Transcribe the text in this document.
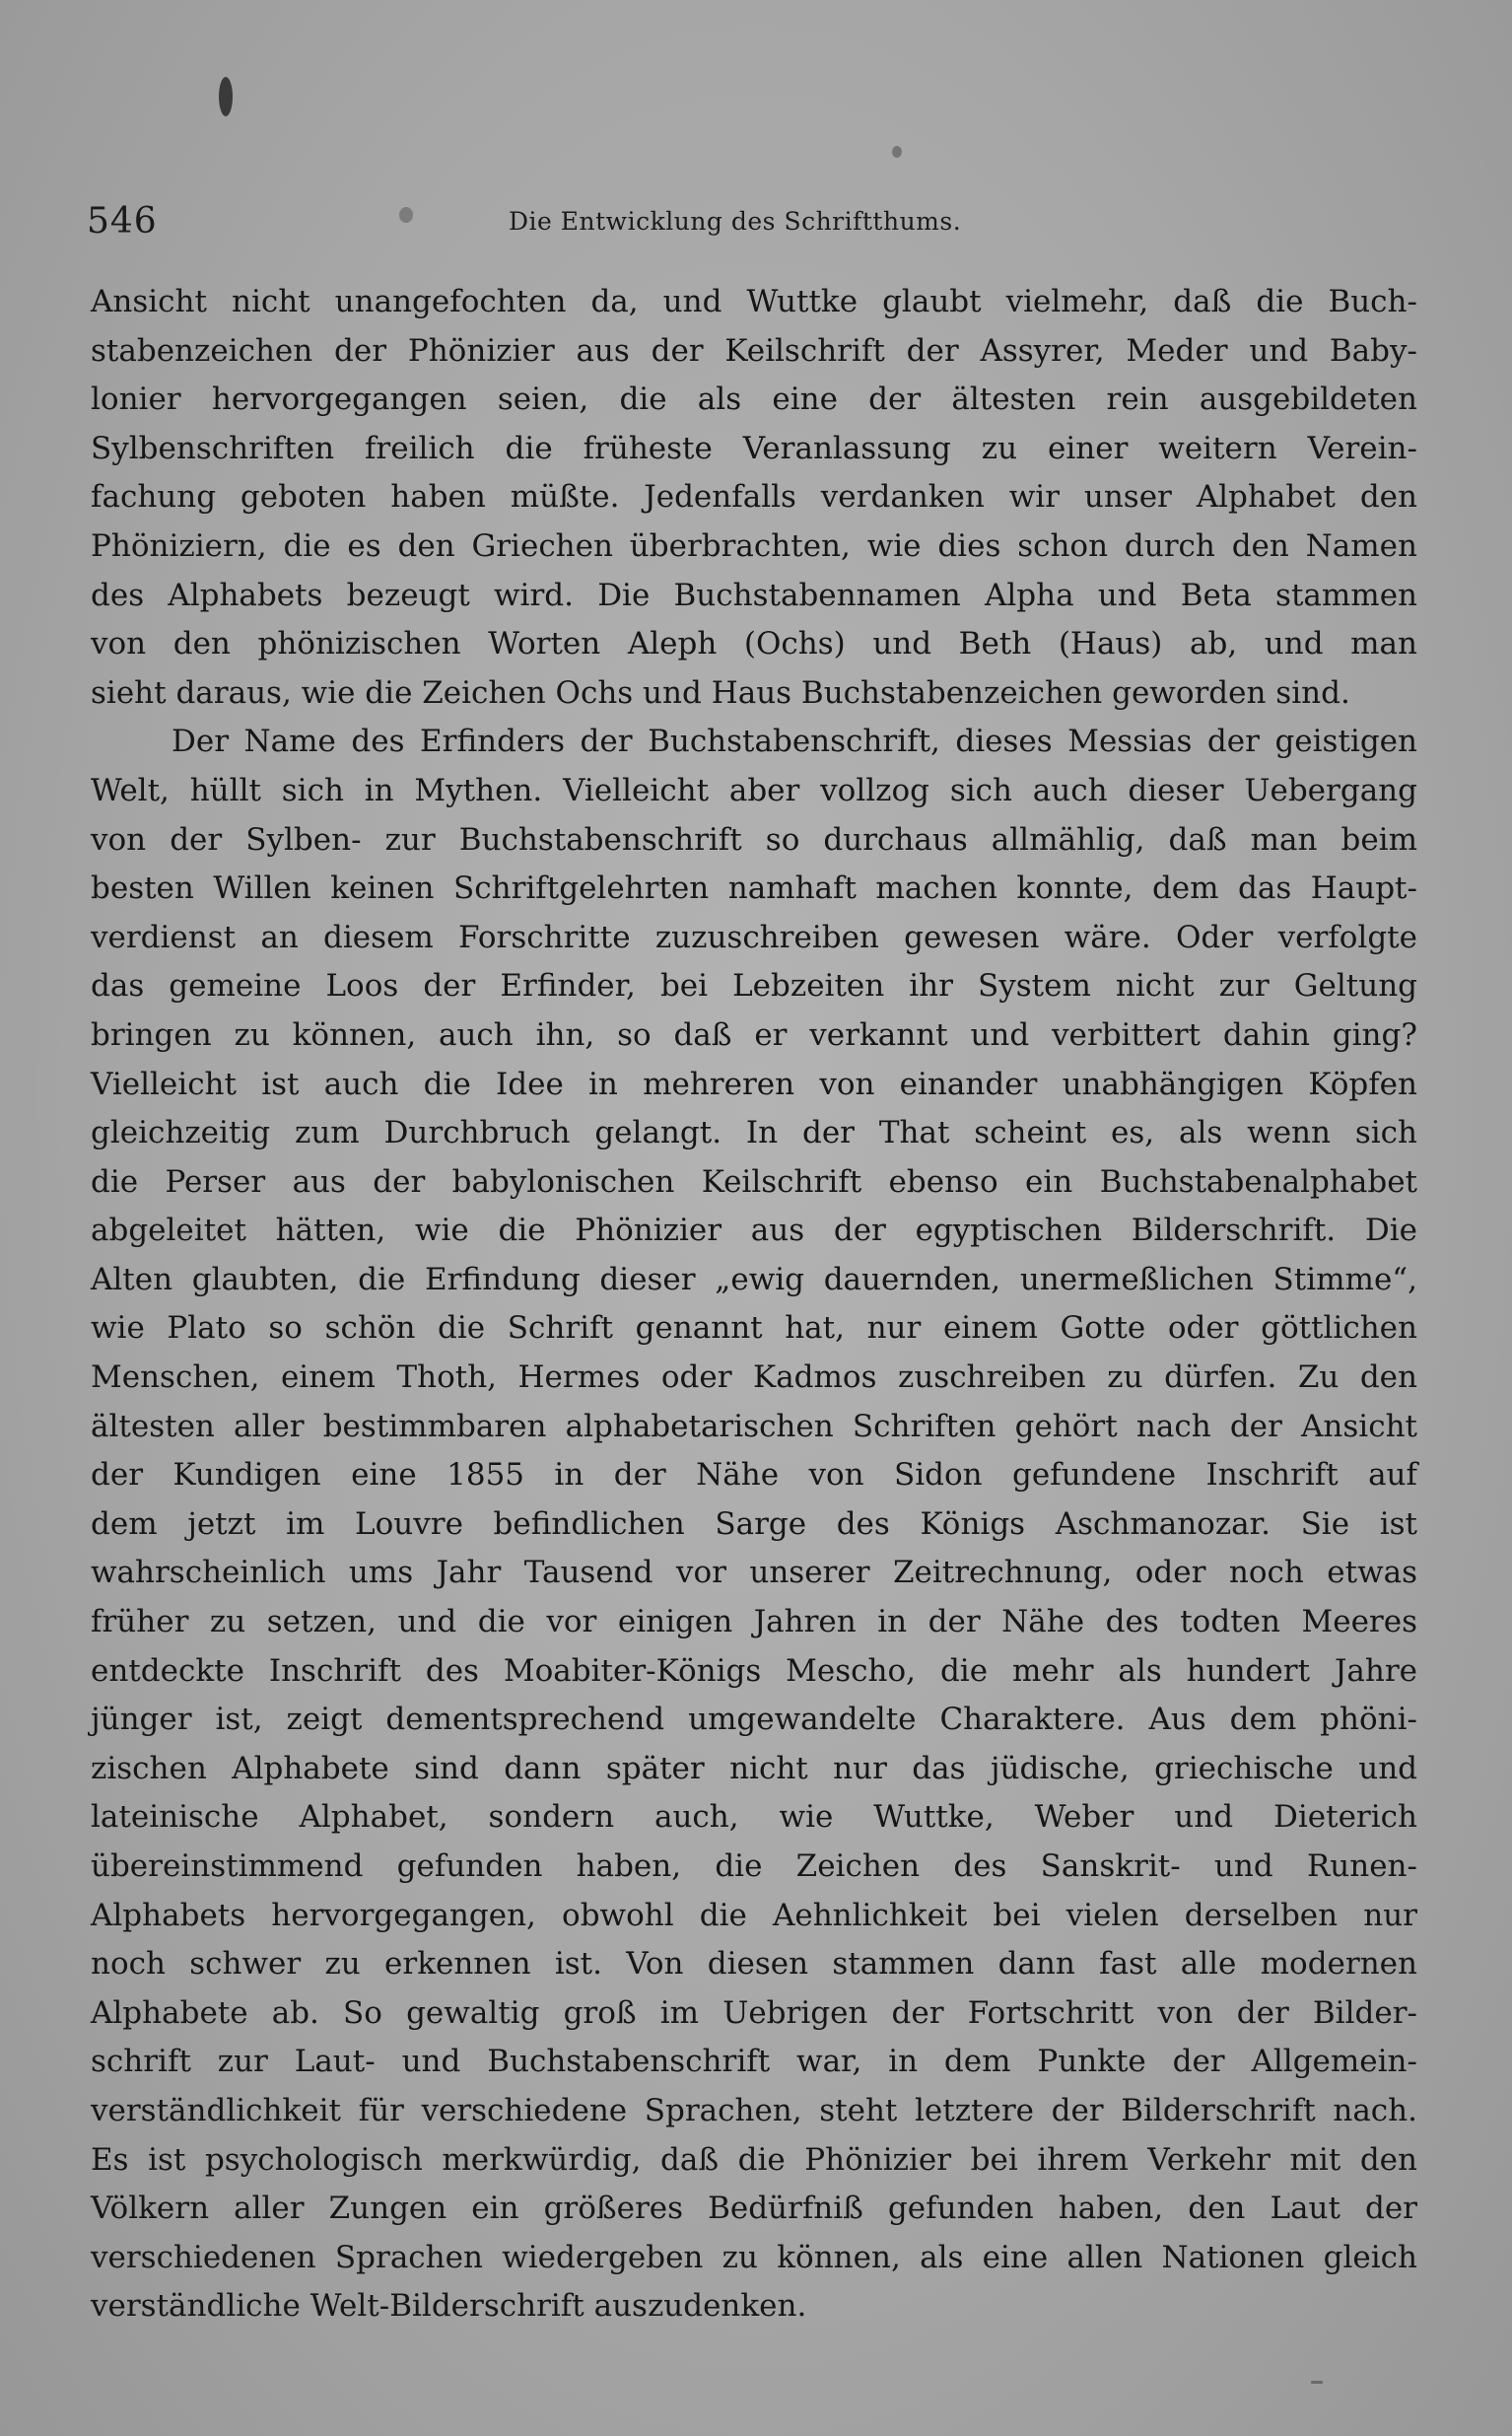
546	Die Entwicklung des Schriftthums.
Ansicht nicht unangefochten da, und Wuttke glaubt vielmehr, daß die Buch-
stabenzeichen der Phönizier aus der Keilschrift der Assyrer, Meder und Baby-
lonier hervorgegangen seien, die als eine der ältesten rein ausgebildeten
Sylbenschriften freilich die früheste Veranlassung zu einer weitern Verein-
fachung geboten haben müßte. Jedenfalls verdanken wir unser Alphabet den
Phöniziern, die es den Griechen überbrachten, wie dies schon durch den Namen
des Alphabets bezeugt wird. Die Buchstabennamen Alpha und Beta stammen
von den phönizischen Worten Aleph (Ochs) und Beth (Haus) ab, und man
sieht daraus, wie die Zeichen Ochs und Haus Buchstabenzeichen geworden sind.
Der Name des Erfinders der Buchstabenschrift, dieses Messias der geistigen
Welt, hüllt sich in Mythen. Vielleicht aber vollzog sich auch dieser Uebergang
von der Sylben- zur Buchstabenschrift so durchaus allmählig, daß man beim
besten Willen keinen Schriftgelehrten namhaft machen konnte, dem das Haupt-
verdienst an diesem Forschritte zuzuschreiben gewesen wäre. Oder verfolgte
das gemeine Loos der Erfinder, bei Lebzeiten ihr System nicht zur Geltung
bringen zu können, auch ihn, so daß er verkannt und verbittert dahin ging?
Vielleicht ist auch die Idee in mehreren von einander unabhängigen Köpfen
gleichzeitig zum Durchbruch gelangt. In der That scheint es, als wenn sich
die Perser aus der babylonischen Keilschrift ebenso ein Buchstabenalphabet
abgeleitet hätten, wie die Phönizier aus der egyptischen Bilderschrift. Die
Alten glaubten, die Erfindung dieser „ewig dauernden, unermeßlichen Stimme“,
wie Plato so schön die Schrift genannt hat, nur einem Gotte oder göttlichen
Menschen, einem Thoth, Hermes oder Kadmos zuschreiben zu dürfen. Zu den
ältesten aller bestimmbaren alphabetarischen Schriften gehört nach der Ansicht
der Kundigen eine 1855 in der Nähe von Sidon gefundene Inschrift auf
dem jetzt im Louvre befindlichen Sarge des Königs Aschmanozar. Sie ist
wahrscheinlich ums Jahr Tausend vor unserer Zeitrechnung, oder noch etwas
früher zu setzen, und die vor einigen Jahren in der Nähe des todten Meeres
entdeckte Inschrift des Moabiter-Königs Mescho, die mehr als hundert Jahre
jünger ist, zeigt dementsprechend umgewandelte Charaktere. Aus dem phöni-
zischen Alphabete sind dann später nicht nur das jüdische, griechische und
lateinische Alphabet, sondern auch, wie Wuttke, Weber und Dieterich
übereinstimmend gefunden haben, die Zeichen des Sanskrit- und Runen-
Alphabets hervorgegangen, obwohl die Aehnlichkeit bei vielen derselben nur
noch schwer zu erkennen ist. Von diesen stammen dann fast alle modernen
Alphabete ab. So gewaltig groß im Uebrigen der Fortschritt von der Bilder-
schrift zur Laut- und Buchstabenschrift war, in dem Punkte der Allgemein-
verständlichkeit für verschiedene Sprachen, steht letztere der Bilderschrift nach.
Es ist psychologisch merkwürdig, daß die Phönizier bei ihrem Verkehr mit den
Völkern aller Zungen ein größeres Bedürfniß gefunden haben, den Laut der
verschiedenen Sprachen wiedergeben zu können, als eine allen Nationen gleich
verständliche Welt-Bilderschrift auszudenken.
